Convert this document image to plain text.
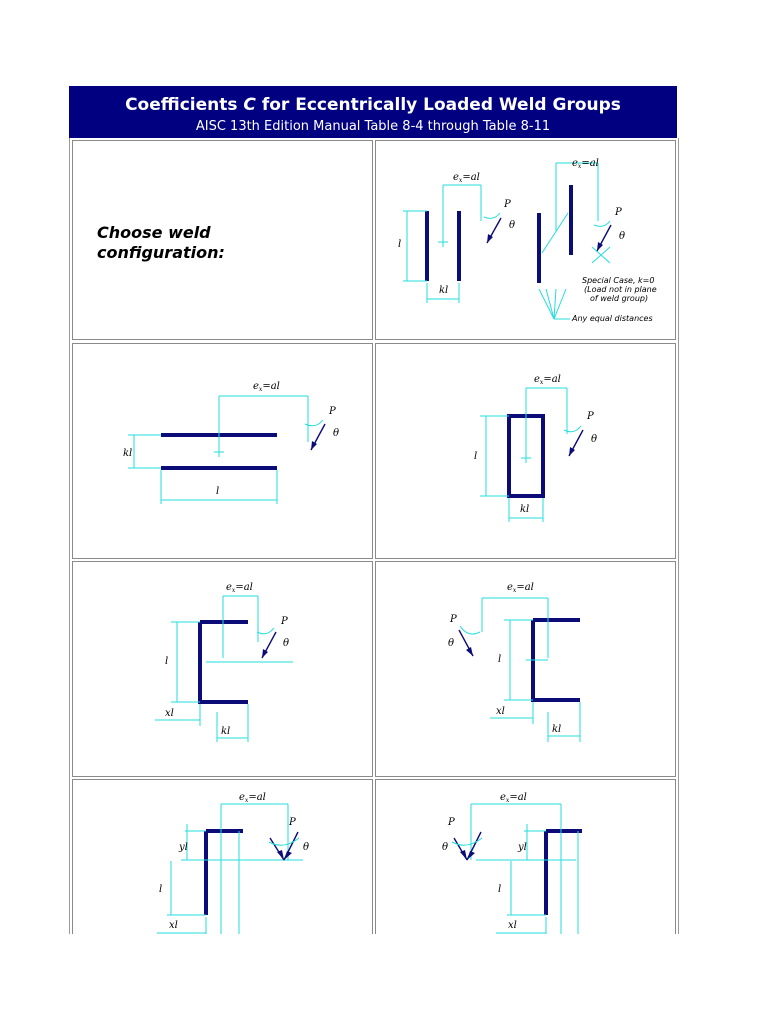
Coefficients C for Eccentrically Loaded Weld Groups
AISC 13th Edition Manual Table 8-4 through Table 8-11
Choose weld
configuration:
$e_x=al$
l
kl
P
θ
$e_x=al$
P
θ
Special Case, k=0
(Load not in plane
of weld group)
Any equal distances
$e_x=al$
kl
l
P
θ
$e_x=al$
l
kl
P
θ
$e_x=al$
l
xl
kl
P
θ
$e_x=al$
l
xl
kl
P
θ
$e_x=al$
yl
l
xl
P
θ
$e_x=al$
yl
l
xl
P
θ
